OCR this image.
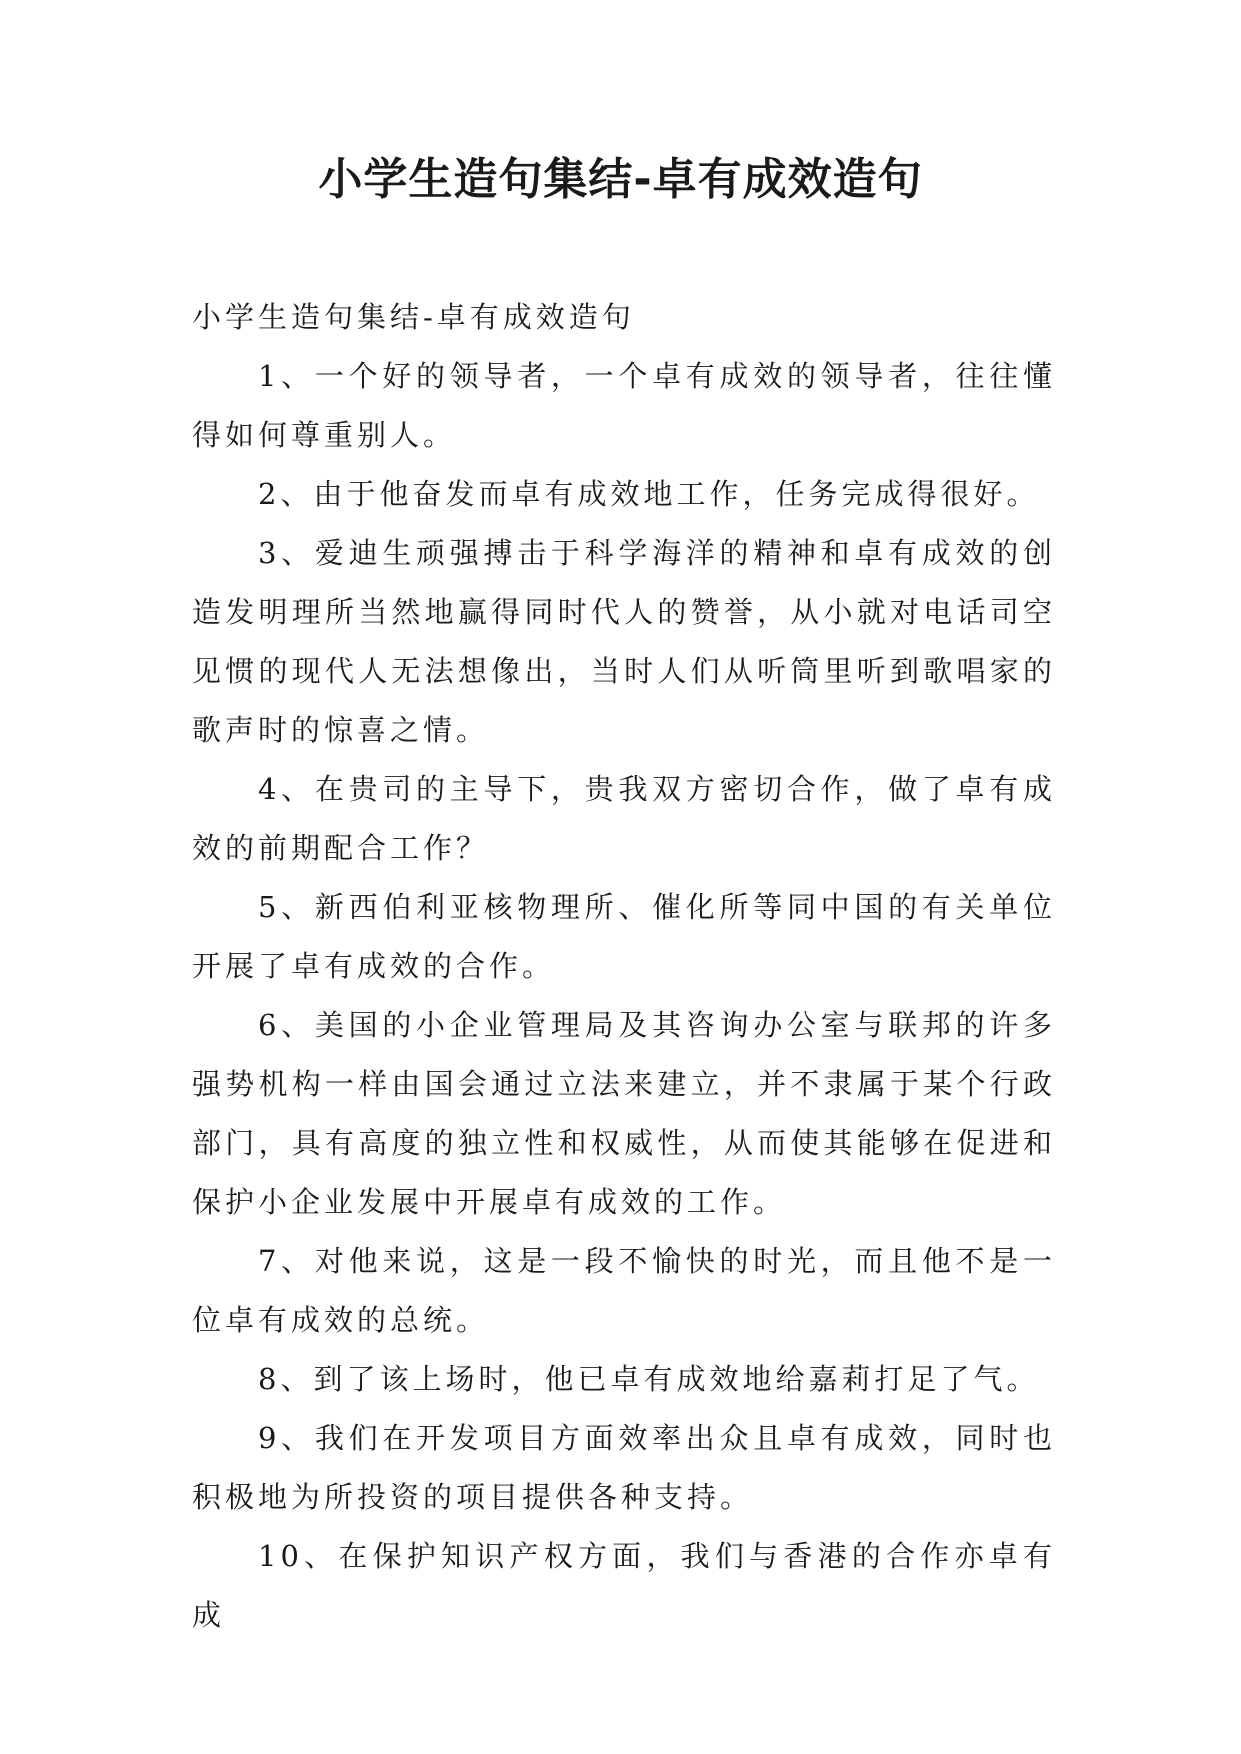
小学生造句集结-卓有成效造句

小学生造句集结-卓有成效造句

1、一个好的领导者，一个卓有成效的领导者，往往懂得如何尊重别人。

2、由于他奋发而卓有成效地工作，任务完成得很好。

3、爱迪生顽强搏击于科学海洋的精神和卓有成效的创造发明理所当然地赢得同时代人的赞誉，从小就对电话司空见惯的现代人无法想像出，当时人们从听筒里听到歌唱家的歌声时的惊喜之情。

4、在贵司的主导下，贵我双方密切合作，做了卓有成效的前期配合工作？

5、新西伯利亚核物理所、催化所等同中国的有关单位开展了卓有成效的合作。

6、美国的小企业管理局及其咨询办公室与联邦的许多强势机构一样由国会通过立法来建立，并不隶属于某个行政部门，具有高度的独立性和权威性，从而使其能够在促进和保护小企业发展中开展卓有成效的工作。

7、对他来说，这是一段不愉快的时光，而且他不是一位卓有成效的总统。

8、到了该上场时，他已卓有成效地给嘉莉打足了气。

9、我们在开发项目方面效率出众且卓有成效，同时也积极地为所投资的项目提供各种支持。

10、在保护知识产权方面，我们与香港的合作亦卓有成
